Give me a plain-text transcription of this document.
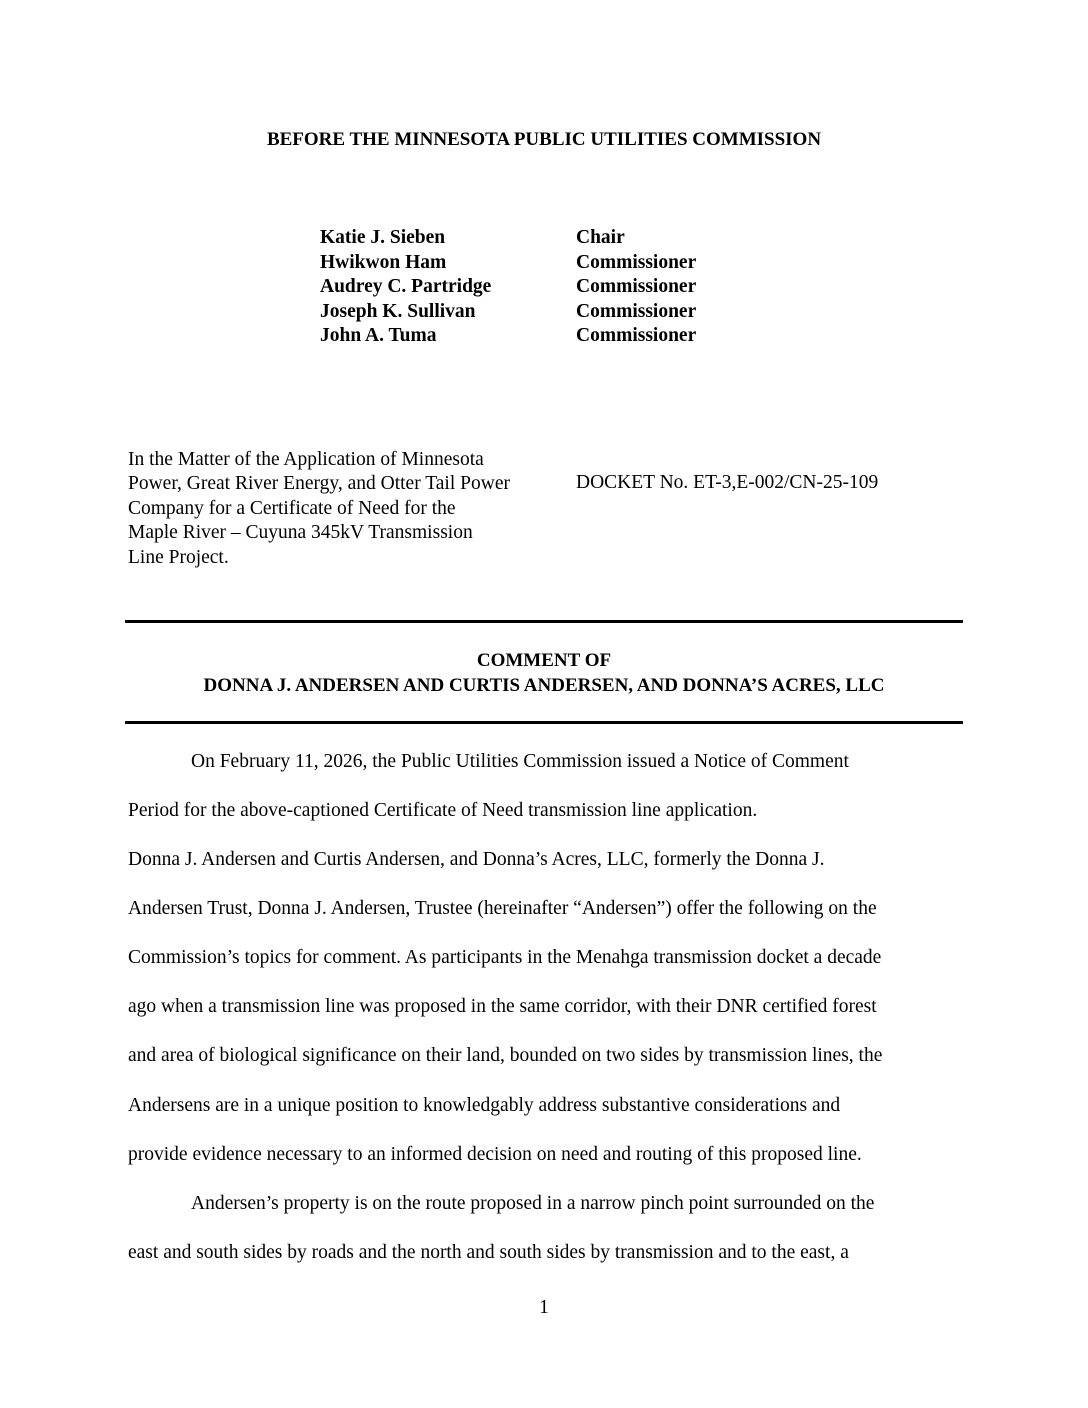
BEFORE THE MINNESOTA PUBLIC UTILITIES COMMISSION
Katie J. Sieben	Chair
Hwikwon Ham	Commissioner
Audrey C. Partridge	Commissioner
Joseph K. Sullivan	Commissioner
John A. Tuma	Commissioner
In the Matter of the Application of Minnesota
Power, Great River Energy, and Otter Tail Power
Company for a Certificate of Need for the
Maple River – Cuyuna 345kV Transmission
Line Project.
DOCKET No. ET-3,E-002/CN-25-109
COMMENT OF
DONNA J. ANDERSEN AND CURTIS ANDERSEN, AND DONNA’S ACRES, LLC
On February 11, 2026, the Public Utilities Commission issued a Notice of Comment
Period for the above-captioned Certificate of Need transmission line application.
Donna J. Andersen and Curtis Andersen, and Donna’s Acres, LLC, formerly the Donna J.
Andersen Trust, Donna J. Andersen, Trustee (hereinafter “Andersen”) offer the following on the
Commission’s topics for comment. As participants in the Menahga transmission docket a decade
ago when a transmission line was proposed in the same corridor, with their DNR certified forest
and area of biological significance on their land, bounded on two sides by transmission lines, the
Andersens are in a unique position to knowledgably address substantive considerations and
provide evidence necessary to an informed decision on need and routing of this proposed line.
Andersen’s property is on the route proposed in a narrow pinch point surrounded on the
east and south sides by roads and the north and south sides by transmission and to the east, a
1
